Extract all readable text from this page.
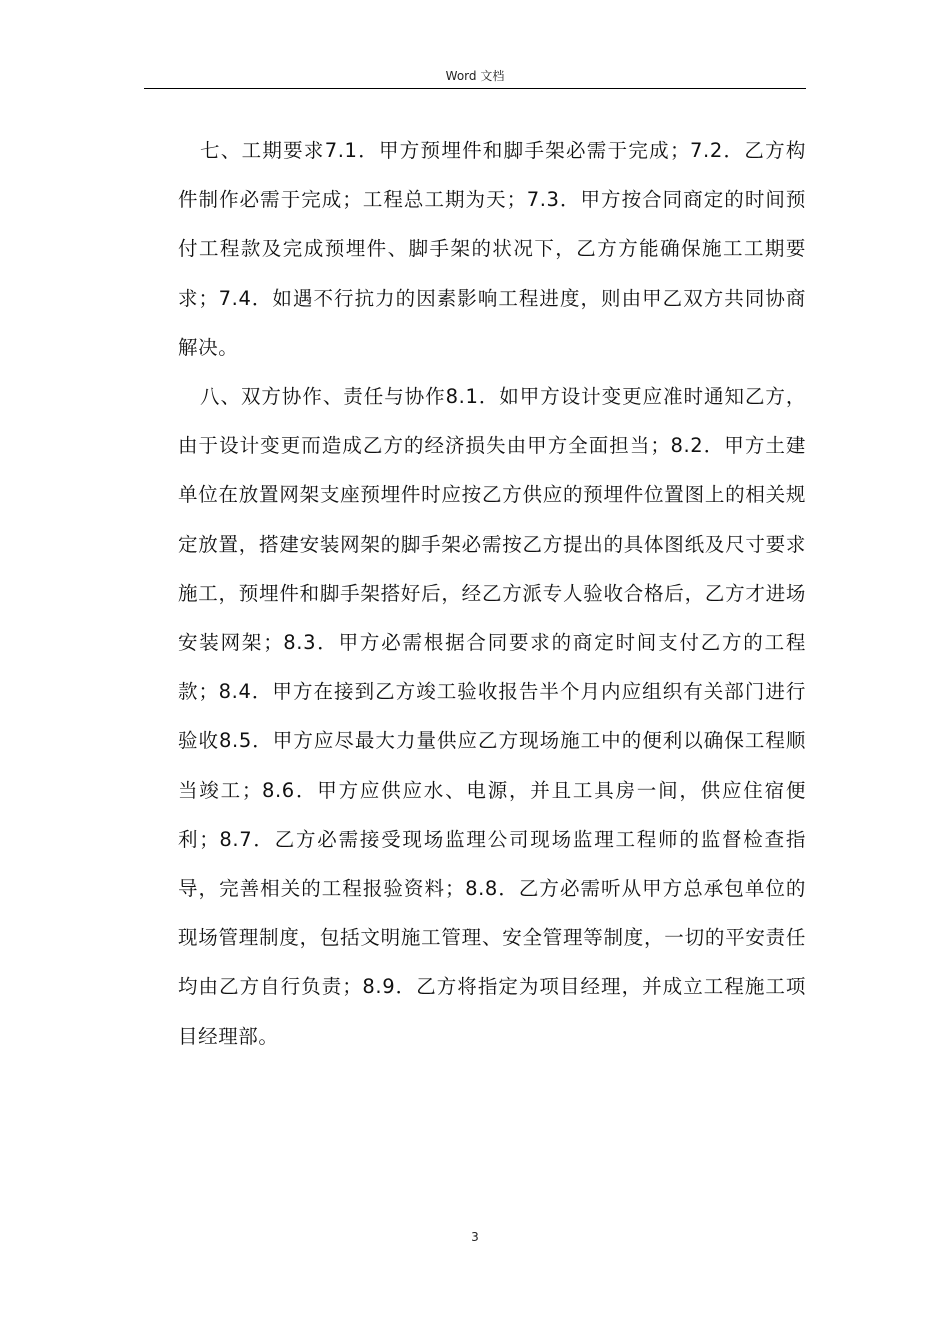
Word 文档

七、工期要求7.1．甲方预埋件和脚手架必需于完成；7.2．乙方构件制作必需于完成；工程总工期为天；7.3．甲方按合同商定的时间预付工程款及完成预埋件、脚手架的状况下，乙方方能确保施工工期要求；7.4．如遇不行抗力的因素影响工程进度，则由甲乙双方共同协商解决。

八、双方协作、责任与协作8.1．如甲方设计变更应准时通知乙方，由于设计变更而造成乙方的经济损失由甲方全面担当；8.2．甲方土建单位在放置网架支座预埋件时应按乙方供应的预埋件位置图上的相关规定放置，搭建安装网架的脚手架必需按乙方提出的具体图纸及尺寸要求施工，预埋件和脚手架搭好后，经乙方派专人验收合格后，乙方才进场安装网架；8.3．甲方必需根据合同要求的商定时间支付乙方的工程款；8.4．甲方在接到乙方竣工验收报告半个月内应组织有关部门进行验收8.5．甲方应尽最大力量供应乙方现场施工中的便利以确保工程顺当竣工；8.6．甲方应供应水、电源，并且工具房一间，供应住宿便利；8.7．乙方必需接受现场监理公司现场监理工程师的监督检查指导，完善相关的工程报验资料；8.8．乙方必需听从甲方总承包单位的现场管理制度，包括文明施工管理、安全管理等制度，一切的平安责任均由乙方自行负责；8.9．乙方将指定为项目经理，并成立工程施工项目经理部。

3
